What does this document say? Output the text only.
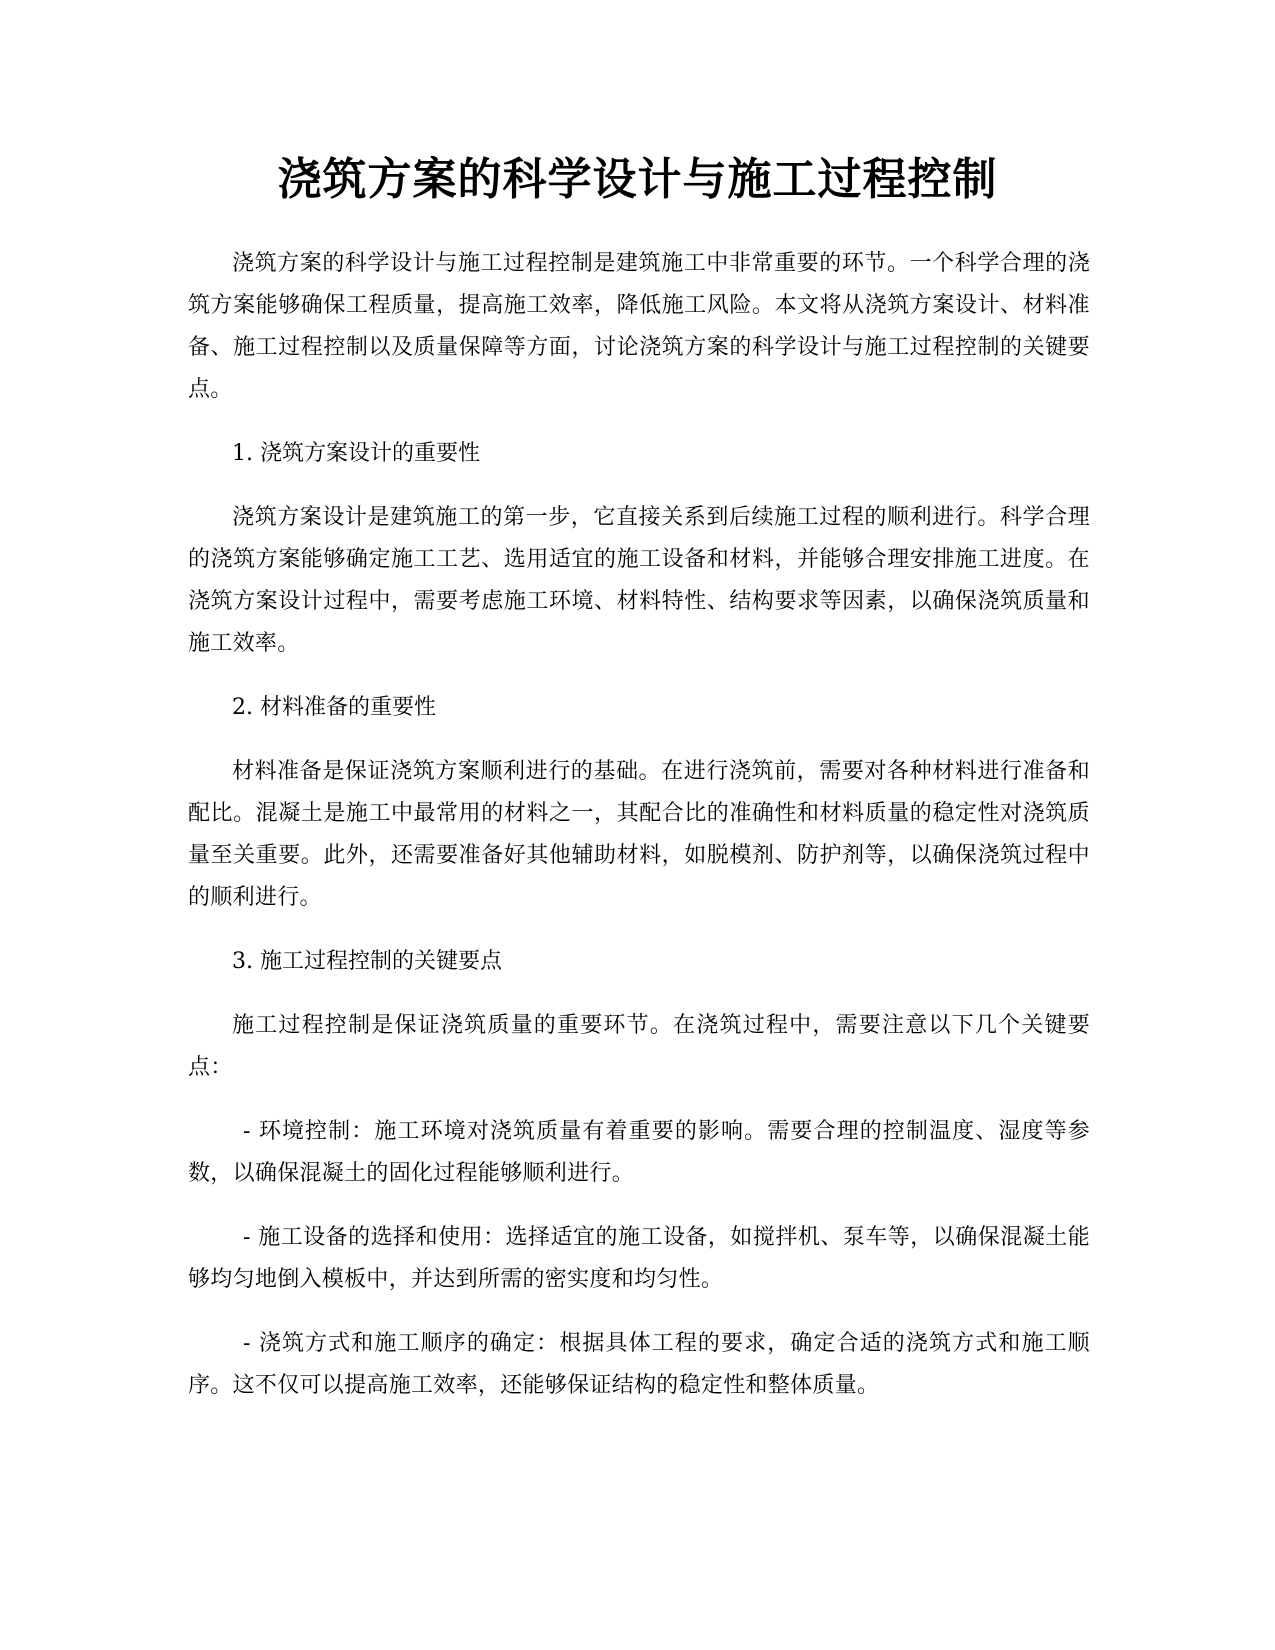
浇筑方案的科学设计与施工过程控制

浇筑方案的科学设计与施工过程控制是建筑施工中非常重要的环节。一个科学合理的浇筑方案能够确保工程质量，提高施工效率，降低施工风险。本文将从浇筑方案设计、材料准备、施工过程控制以及质量保障等方面，讨论浇筑方案的科学设计与施工过程控制的关键要点。

1. 浇筑方案设计的重要性

浇筑方案设计是建筑施工的第一步，它直接关系到后续施工过程的顺利进行。科学合理的浇筑方案能够确定施工工艺、选用适宜的施工设备和材料，并能够合理安排施工进度。在浇筑方案设计过程中，需要考虑施工环境、材料特性、结构要求等因素，以确保浇筑质量和施工效率。

2. 材料准备的重要性

材料准备是保证浇筑方案顺利进行的基础。在进行浇筑前，需要对各种材料进行准备和配比。混凝土是施工中最常用的材料之一，其配合比的准确性和材料质量的稳定性对浇筑质量至关重要。此外，还需要准备好其他辅助材料，如脱模剂、防护剂等，以确保浇筑过程中的顺利进行。

3. 施工过程控制的关键要点

施工过程控制是保证浇筑质量的重要环节。在浇筑过程中，需要注意以下几个关键要点：

- 环境控制：施工环境对浇筑质量有着重要的影响。需要合理的控制温度、湿度等参数，以确保混凝土的固化过程能够顺利进行。

- 施工设备的选择和使用：选择适宜的施工设备，如搅拌机、泵车等，以确保混凝土能够均匀地倒入模板中，并达到所需的密实度和均匀性。

- 浇筑方式和施工顺序的确定：根据具体工程的要求，确定合适的浇筑方式和施工顺序。这不仅可以提高施工效率，还能够保证结构的稳定性和整体质量。
